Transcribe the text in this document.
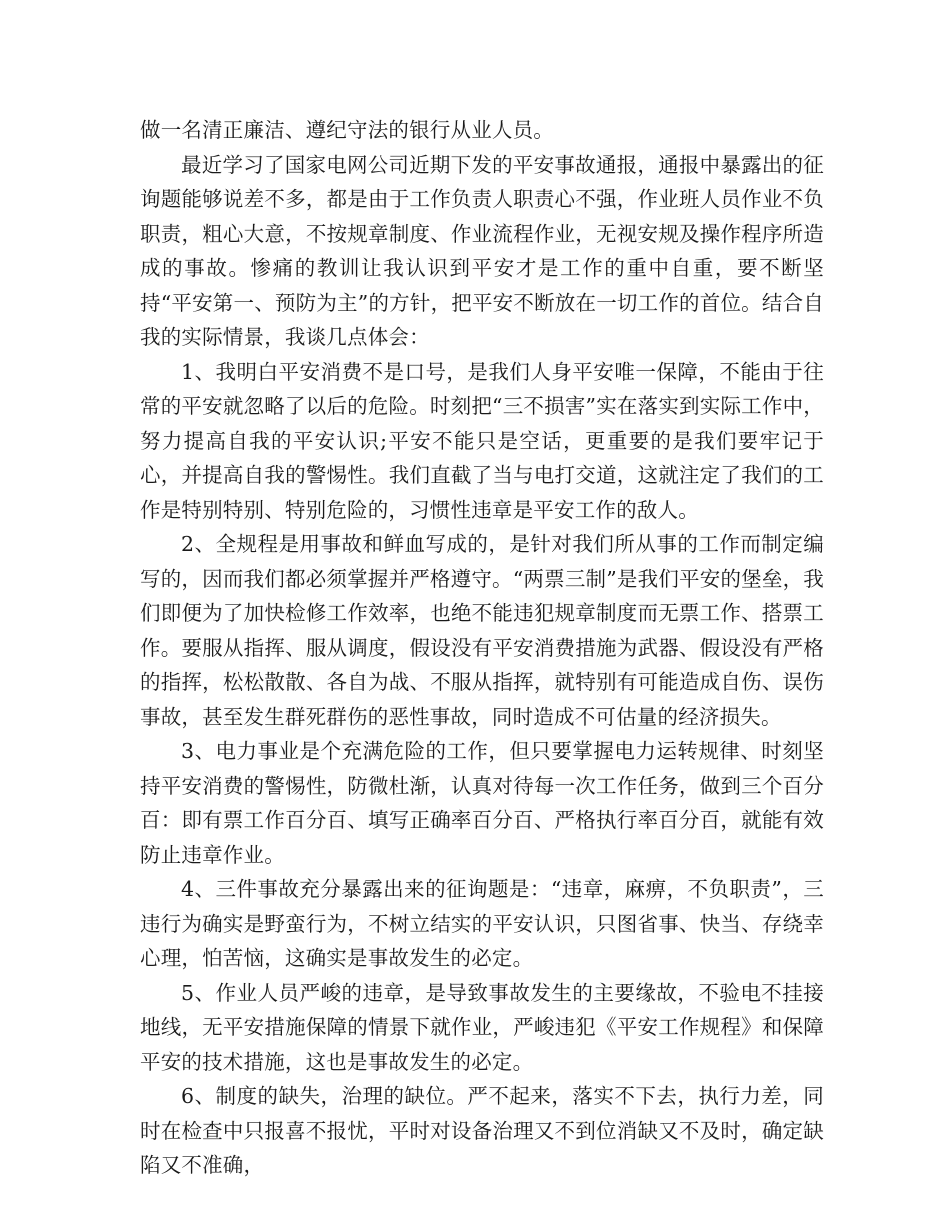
做一名清正廉洁、遵纪守法的银行从业人员。

最近学习了国家电网公司近期下发的平安事故通报，通报中暴露出的征询题能够说差不多，都是由于工作负责人职责心不强，作业班人员作业不负职责，粗心大意，不按规章制度、作业流程作业，无视安规及操作程序所造成的事故。惨痛的教训让我认识到平安才是工作的重中自重，要不断坚持“平安第一、预防为主”的方针，把平安不断放在一切工作的首位。结合自我的实际情景，我谈几点体会：

1、我明白平安消费不是口号，是我们人身平安唯一保障，不能由于往常的平安就忽略了以后的危险。时刻把“三不损害”实在落实到实际工作中，努力提高自我的平安认识;平安不能只是空话，更重要的是我们要牢记于心，并提高自我的警惕性。我们直截了当与电打交道，这就注定了我们的工作是特别特别、特别危险的，习惯性违章是平安工作的敌人。

2、全规程是用事故和鲜血写成的，是针对我们所从事的工作而制定编写的，因而我们都必须掌握并严格遵守。“两票三制”是我们平安的堡垒，我们即便为了加快检修工作效率，也绝不能违犯规章制度而无票工作、搭票工作。要服从指挥、服从调度，假设没有平安消费措施为武器、假设没有严格的指挥，松松散散、各自为战、不服从指挥，就特别有可能造成自伤、误伤事故，甚至发生群死群伤的恶性事故，同时造成不可估量的经济损失。

3、电力事业是个充满危险的工作，但只要掌握电力运转规律、时刻坚持平安消费的警惕性，防微杜渐，认真对待每一次工作任务，做到三个百分百：即有票工作百分百、填写正确率百分百、严格执行率百分百，就能有效防止违章作业。

4、三件事故充分暴露出来的征询题是：“违章，麻痹，不负职责”，三违行为确实是野蛮行为，不树立结实的平安认识，只图省事、快当、存绕幸心理，怕苦恼，这确实是事故发生的必定。

5、作业人员严峻的违章，是导致事故发生的主要缘故，不验电不挂接地线，无平安措施保障的情景下就作业，严峻违犯《平安工作规程》和保障平安的技术措施，这也是事故发生的必定。

6、制度的缺失，治理的缺位。严不起来，落实不下去，执行力差，同时在检查中只报喜不报忧，平时对设备治理又不到位消缺又不及时，确定缺陷又不准确，
